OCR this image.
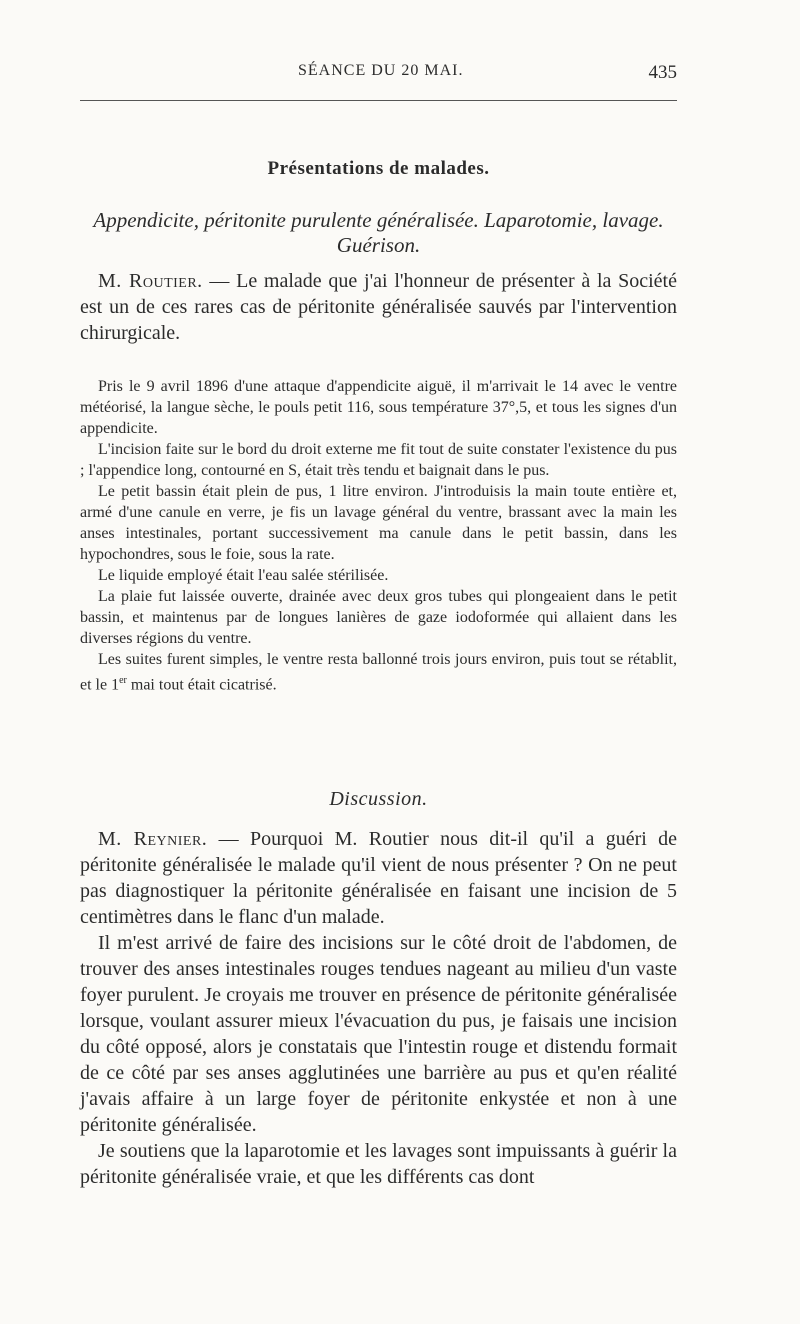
SÉANCE DU 20 MAI.	435
Présentations de malades.
Appendicite, péritonite purulente généralisée. Laparotomie, lavage.
Guérison.

M. Routier. — Le malade que j'ai l'honneur de présenter à la Société est un de ces rares cas de péritonite généralisée sauvés par l'intervention chirurgicale.

Pris le 9 avril 1896 d'une attaque d'appendicite aiguë, il m'arrivait le 14 avec le ventre météorisé, la langue sèche, le pouls petit 116, sous température 37°,5, et tous les signes d'un appendicite.

L'incision faite sur le bord du droit externe me fit tout de suite constater l'existence du pus ; l'appendice long, contourné en S, était très tendu et baignait dans le pus.

Le petit bassin était plein de pus, 1 litre environ. J'introduisis la main toute entière et, armé d'une canule en verre, je fis un lavage général du ventre, brassant avec la main les anses intestinales, portant successivement ma canule dans le petit bassin, dans les hypochondres, sous le foie, sous la rate.

Le liquide employé était l'eau salée stérilisée.

La plaie fut laissée ouverte, drainée avec deux gros tubes qui plongeaient dans le petit bassin, et maintenus par de longues lanières de gaze iodoformée qui allaient dans les diverses régions du ventre.

Les suites furent simples, le ventre resta ballonné trois jours environ, puis tout se rétablit, et le 1er mai tout était cicatrisé.

Discussion.

M. Reynier. — Pourquoi M. Routier nous dit-il qu'il a guéri de péritonite généralisée le malade qu'il vient de nous présenter ? On ne peut pas diagnostiquer la péritonite généralisée en faisant une incision de 5 centimètres dans le flanc d'un malade.

Il m'est arrivé de faire des incisions sur le côté droit de l'abdomen, de trouver des anses intestinales rouges tendues nageant au milieu d'un vaste foyer purulent. Je croyais me trouver en présence de péritonite généralisée lorsque, voulant assurer mieux l'évacuation du pus, je faisais une incision du côté opposé, alors je constatais que l'intestin rouge et distendu formait de ce côté par ses anses agglutinées une barrière au pus et qu'en réalité j'avais affaire à un large foyer de péritonite enkystée et non à une péritonite généralisée.

Je soutiens que la laparotomie et les lavages sont impuissants à guérir la péritonite généralisée vraie, et que les différents cas dont
